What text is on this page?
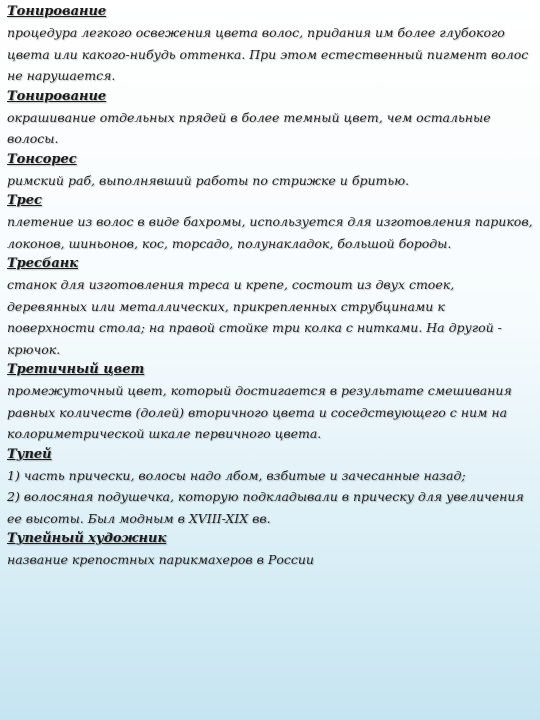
Тонирование

процедура легкого освежения цвета волос, придания им более глубокого цвета или какого-нибудь оттенка. При этом естественный пигмент волос не нарушается.

Тонирование

окрашивание отдельных прядей в более темный цвет, чем остальные волосы.

Тонсорес

римский раб, выполнявший работы по стрижке и бритью.

Трес

плетение из волос в виде бахромы, используется для изготовления париков, локонов, шиньонов, кос, торсадо, полунакладок, большой бороды.

Тресбанк

станок для изготовления треса и крепе, состоит из двух стоек, деревянных или металлических, прикрепленных струбцинами к поверхности стола; на правой стойке три колка с нитками. На другой - крючок.

Третичный цвет

промежуточный цвет, который достигается в результате смешивания равных количеств (долей) вторичного цвета и соседствующего с ним на колориметрической шкале первичного цвета.

Тупей

1) часть прически, волосы надо лбом, взбитые и зачесанные назад;

2) волосяная подушечка, которую подкладывали в прическу для увеличения ее высоты. Был модным в XVIII-XIX вв.

Тупейный художник

название крепостных парикмахеров в России
